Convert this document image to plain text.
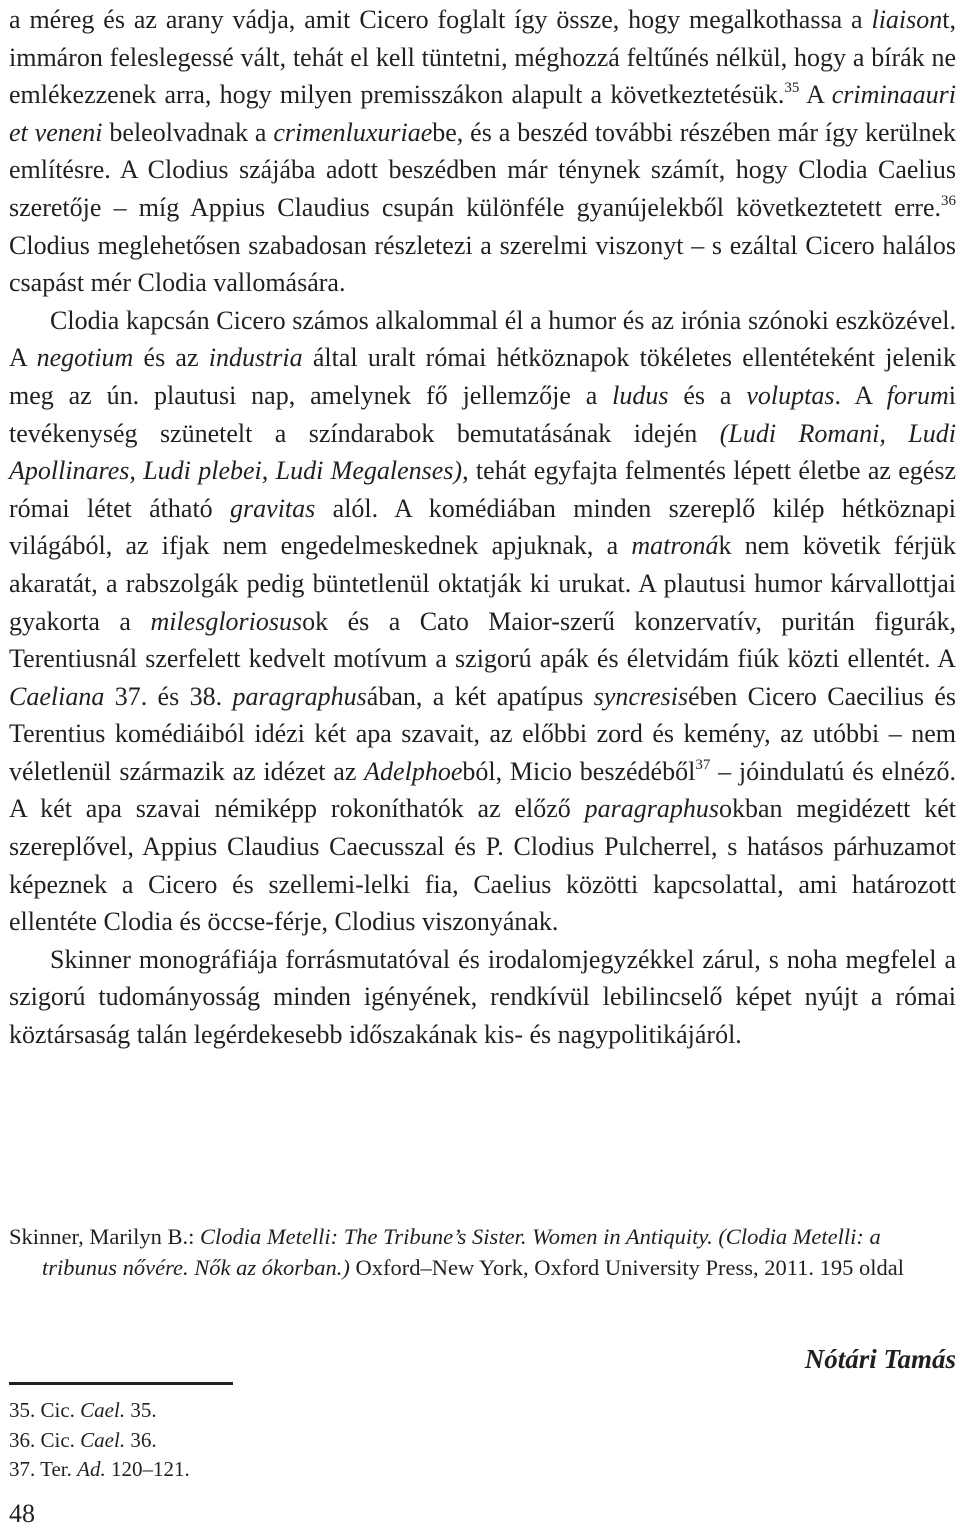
a méreg és az arany vádja, amit Cicero foglalt így össze, hogy megalkothassa a liaisont, immáron feleslegessé vált, tehát el kell tüntetni, méghozzá feltűnés nélkül, hogy a bírák ne emlékezzenek arra, hogy milyen premisszákon alapult a következtetésük.$^{35}$ A criminaauri et veneni beleolvadnak a crimenluxuriaebe, és a beszéd további részében már így kerülnek említésre. A Clodius szájába adott beszédben már ténynek számít, hogy Clodia Caelius szeretője – míg Appius Claudius csupán különféle gyanújelekből következtetett erre.$^{36}$ Clodius meglehetősen szabadosan részletezi a szerelmi viszonyt – s ezáltal Cicero halálos csapást mér Clodia vallomására.

Clodia kapcsán Cicero számos alkalommal él a humor és az irónia szónoki eszközével. A negotium és az industria által uralt római hétköznapok tökéletes ellentéteként jelenik meg az ún. plautusi nap, amelynek fő jellemzője a ludus és a voluptas. A forumi tevékenység szünetelt a színdarabok bemutatásának idején (Ludi Romani, Ludi Apollinares, Ludi plebei, Ludi Megalenses), tehát egyfajta felmentés lépett életbe az egész római létet átható gravitas alól. A komédiában minden szereplő kilép hétköznapi világából, az ifjak nem engedelmeskednek apjuknak, a matronák nem követik férjük akaratát, a rabszolgák pedig büntetlenül oktatják ki urukat. A plautusi humor kárvallottjai gyakorta a milesgloriosusok és a Cato Maior-szerű konzervatív, puritán figurák, Terentiusnál szerfelett kedvelt motívum a szigorú apák és életvidám fiúk közti ellentét. A Caeliana 37. és 38. paragraphusában, a két apatípus syncresisében Cicero Caecilius és Terentius komédiáiból idézi két apa szavait, az előbbi zord és kemény, az utóbbi – nem véletlenül származik az idézet az Adelphoeból, Micio beszédéből$^{37}$ – jóindulatú és elnéző. A két apa szavai némiképp rokoníthatók az előző paragraphusokban megidézett két szereplővel, Appius Claudius Caecusszal és P. Clodius Pulcherrel, s hatásos párhuzamot képeznek a Cicero és szellemi-lelki fia, Caelius közötti kapcsolattal, ami határozott ellentéte Clodia és öccse-férje, Clodius viszonyának.

Skinner monográfiája forrásmutatóval és irodalomjegyzékkel zárul, s noha megfelel a szigorú tudományosság minden igényének, rendkívül lebilincselő képet nyújt a római köztársaság talán legérdekesebb időszakának kis- és nagypolitikájáról.

Skinner, Marilyn B.: Clodia Metelli: The Tribune’s Sister. Women in Antiquity. (Clodia Metelli: a tribunus nővére. Nők az ókorban.) Oxford–New York, Oxford University Press, 2011. 195 oldal
Nótári Tamás
35. Cic. Cael. 35.
36. Cic. Cael. 36.
37. Ter. Ad. 120–121.
48
